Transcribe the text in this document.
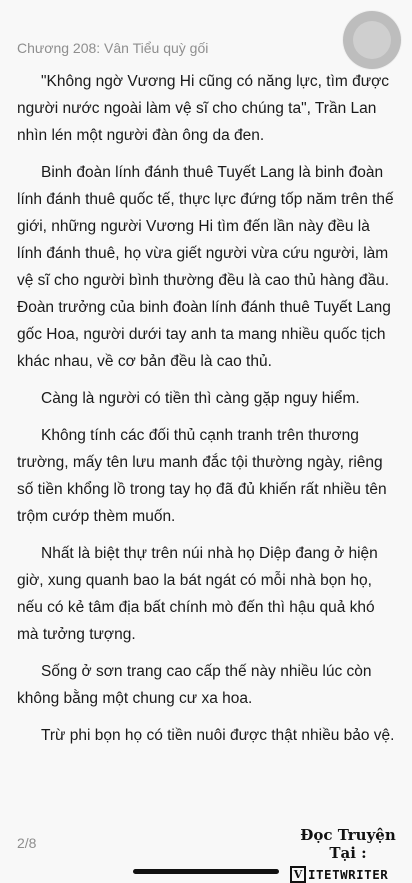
Chương 208: Vân Tiểu quỳ gối

"Không ngờ Vương Hi cũng có năng lực, tìm được người nước ngoài làm vệ sĩ cho chúng ta", Trần Lan nhìn lén một người đàn ông da đen.

Binh đoàn lính đánh thuê Tuyết Lang là binh đoàn lính đánh thuê quốc tế, thực lực đứng tốp năm trên thế giới, những người Vương Hi tìm đến lần này đều là lính đánh thuê, họ vừa giết người vừa cứu người, làm vệ sĩ cho người bình thường đều là cao thủ hàng đầu. Đoàn trưởng của binh đoàn lính đánh thuê Tuyết Lang gốc Hoa, người dưới tay anh ta mang nhiều quốc tịch khác nhau, về cơ bản đều là cao thủ.

Càng là người có tiền thì càng gặp nguy hiểm.

Không tính các đối thủ cạnh tranh trên thương trường, mấy tên lưu manh đắc tội thường ngày, riêng số tiền khổng lồ trong tay họ đã đủ khiến rất nhiều tên trộm cướp thèm muốn.

Nhất là biệt thự trên núi nhà họ Diệp đang ở hiện giờ, xung quanh bao la bát ngát có mỗi nhà bọn họ, nếu có kẻ tâm địa bất chính mò đến thì hậu quả khó mà tưởng tượng.

Sống ở sơn trang cao cấp thế này nhiều lúc còn không bằng một chung cư xa hoa.

Trừ phi bọn họ có tiền nuôi được thật nhiều bảo vệ.

2/8	Đọc Truyện Tại :
V ITETWRITER
